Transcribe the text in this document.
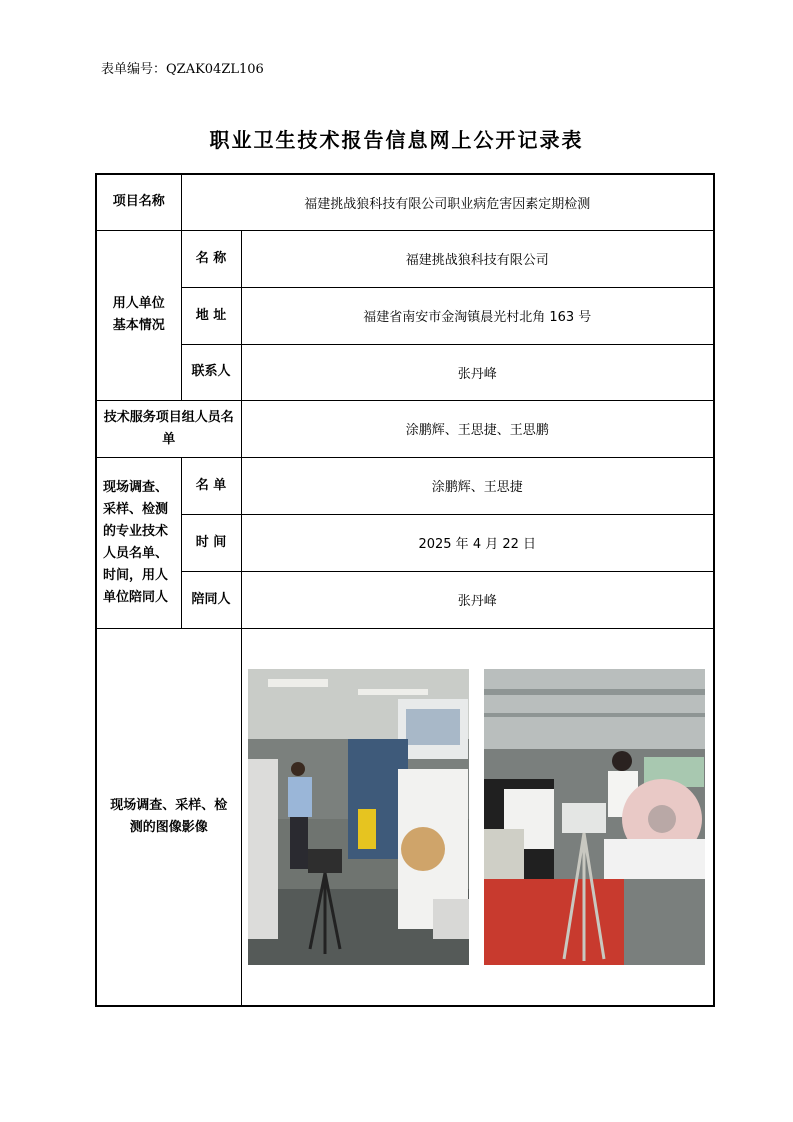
表单编号：QZAK04ZL106
职业卫生技术报告信息网上公开记录表
项目名称	福建挑战狼科技有限公司职业病危害因素定期检测	
用人单位基本情况	名 称	福建挑战狼科技有限公司
	地 址	福建省南安市金淘镇晨光村北角 163 号
	联系人	张丹峰
技术服务项目组人员名单		涂鹏辉、王思捷、王思鹏
现场调查、采样、检测的专业技术人员名单、时间，用人单位陪同人	名 单	涂鹏辉、王思捷
	时 间	2025 年 4 月 22 日
	陪同人	张丹峰
现场调查、采样、检测的图像影像	
